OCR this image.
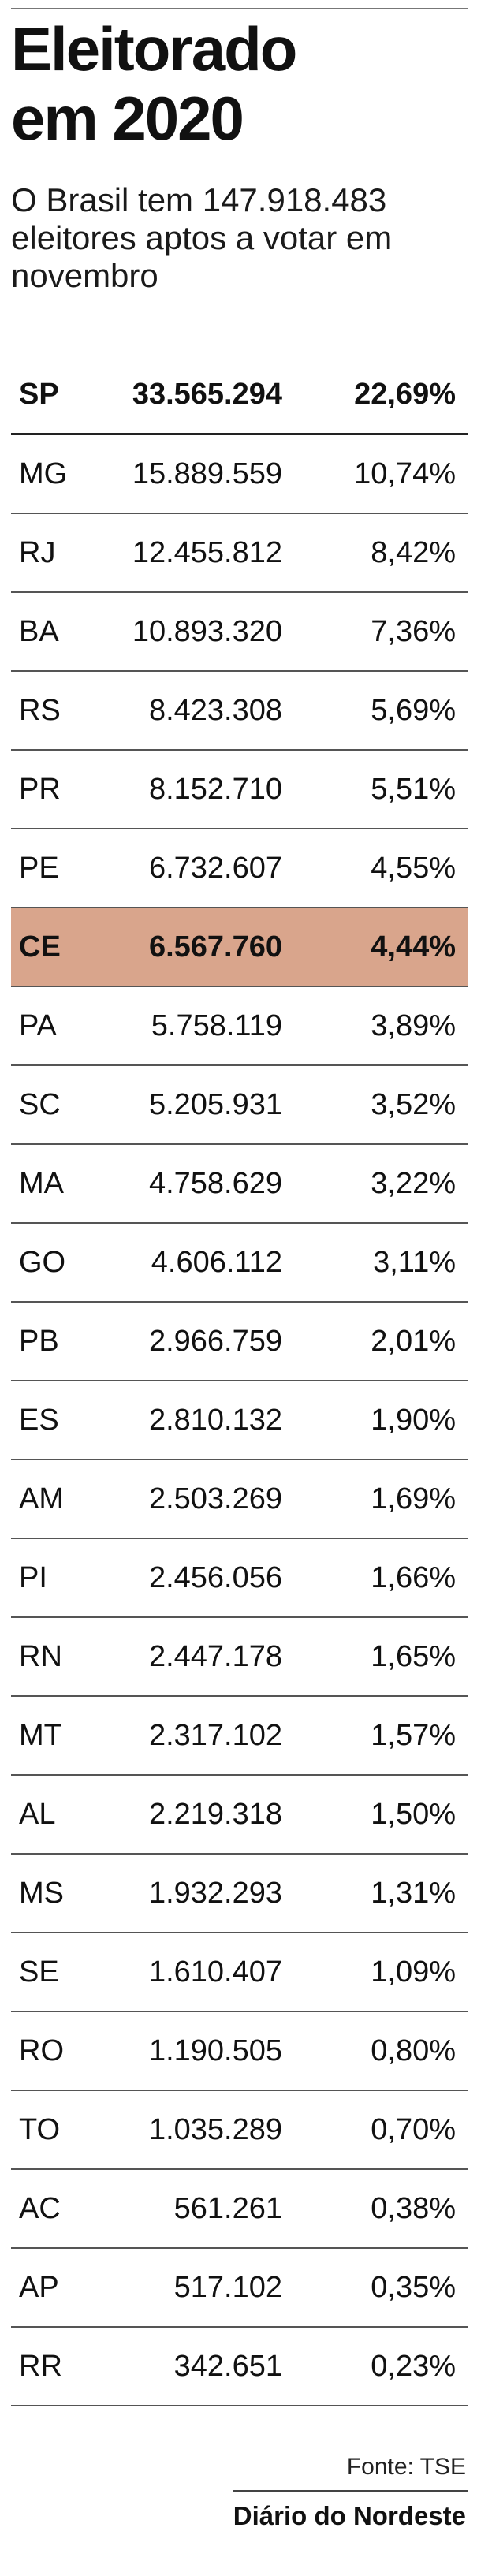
Eleitorado
em 2020

O Brasil tem 147.918.483
eleitores aptos a votar em
novembro

SP 33.565.294 22,69%
MG 15.889.559 10,74%
RJ	12.455.812	8,42%
BA 10.893.320	7,36%
RS	8.423.308	5,69%
PR	8.152.710	5,51%
PE	6.732.607	4,55%
CE	6.567.760	4,44%
PA	5.758.119	3,89%
SC	5.205.931	3,52%
MA	4.758.629	3,22%
GO	4.606.112	3,11%
PB	2.966.759	2,01%
ES	2.810.132	1,90%
AM	2.503.269	1,69%
PI	2.456.056	1,66%
RN	2.447.178	1,65%
MT	2.317.102	1,57%
AL	2.219.318	1,50%
MS	1.932.293	1,31%
SE	1.610.407	1,09%
RO	1.190.505	0,80%
TO	1.035.289	0,70%
AC	561.261	0,38%
AP	517.102	0,35%
RR	342.651	0,23%
Fonte: TSE
Diário do Nordeste
